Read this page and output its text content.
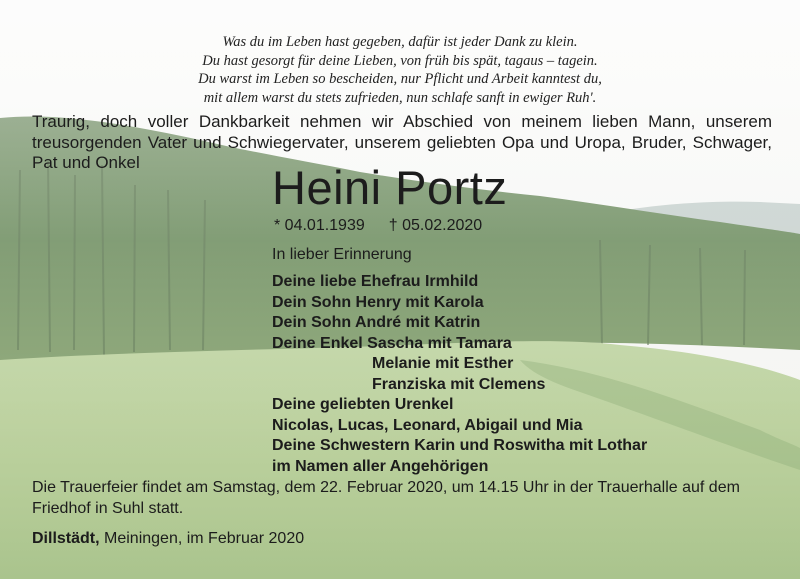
Was du im Leben hast gegeben, dafür ist jeder Dank zu klein.
Du hast gesorgt für deine Lieben, von früh bis spät, tagaus – tagein.
Du warst im Leben so bescheiden, nur Pflicht und Arbeit kanntest du,
mit allem warst du stets zufrieden, nun schlafe sanft in ewiger Ruh'.
Traurig, doch voller Dankbarkeit nehmen wir Abschied von meinem lieben Mann, unserem treusorgenden Vater und Schwiegervater, unserem geliebten Opa und Uropa, Bruder, Schwager, Pat und Onkel	Heini Portz
* 04.01.1939 † 05.02.2020
In lieber Erinnerung
Deine liebe Ehefrau Irmhild
Dein Sohn Henry mit Karola
Dein Sohn André mit Katrin
Deine Enkel Sascha mit Tamara
Melanie mit Esther
Franziska mit Clemens
Deine geliebten Urenkel
Nicolas, Lucas, Leonard, Abigail und Mia
Deine Schwestern Karin und Roswitha mit Lothar
im Namen aller Angehörigen
Die Trauerfeier findet am Samstag, dem 22. Februar 2020, um 14.15 Uhr in der Trauerhalle auf dem Friedhof in Suhl statt.
Dillstädt, Meiningen, im Februar 2020
